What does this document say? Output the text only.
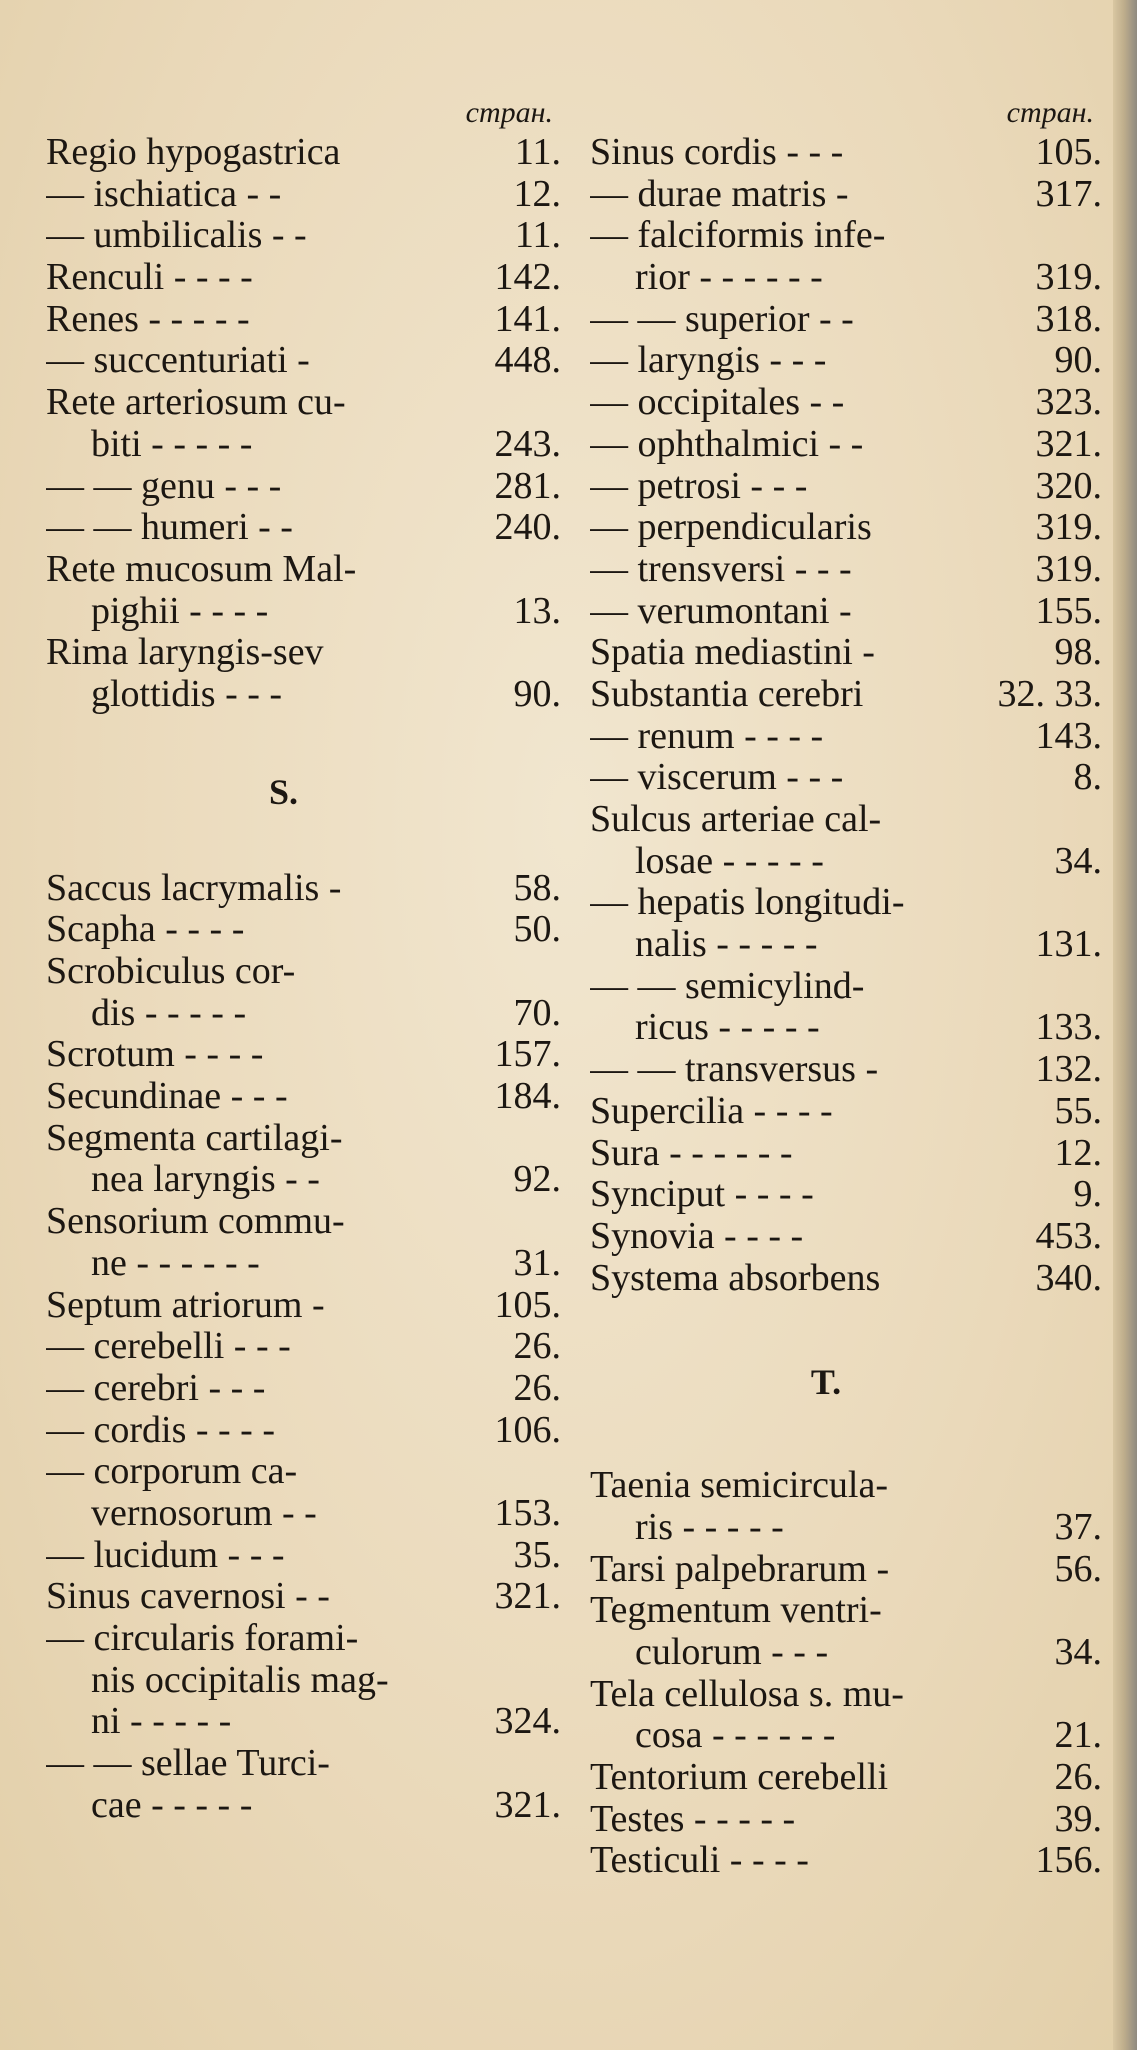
стран.
Regio hypogastrica	11.
— ischiatica - -	12.
— umbilicalis - -	11.
Renculi - - - -	142.
Renes - - - - -	141.
— succenturiati -	448.
Rete arteriosum cu-
biti - - - - -	243.
— — genu - - -	281.
— — humeri - -	240.
Rete mucosum Mal-
pighii - - - -	13.
Rima laryngis-sev
glottidis - - -	90.
S.
Saccus lacrymalis -	58.
Scapha - - - -	50.
Scrobiculus cor-
dis - - - - -	70.
Scrotum - - - -	157.
Secundinae - - -	184.
Segmenta cartilagi-
nea laryngis - -	92.
Sensorium commu-
ne - - - - - -	31.
Septum atriorum -	105.
— cerebelli - - -	26.
— cerebri - - -	26.
— cordis - - - -	106.
— corporum ca-
vernosorum - -	153.
— lucidum - - -	35.
Sinus cavernosi - -	321.
— circularis forami-
nis occipitalis mag-
ni - - - - -	324.
— — sellae Turci-
cae - - - - -	321.
стран.
Sinus cordis - - -	105.
— durae matris -	317.
— falciformis infe-
rior - - - - - -	319.
— — superior - -	318.
— laryngis - - -	90.
— occipitales - -	323.
— ophthalmici - -	321.
— petrosi - - -	320.
— perpendicularis	319.
— trensversi - - -	319.
— verumontani -	155.
Spatia mediastini -	98.
Substantia cerebri	32. 33.
— renum - - - -	143.
— viscerum - - -	8.
Sulcus arteriae cal-
losae - - - - -	34.
— hepatis longitudi-
nalis - - - - -	131.
— — semicylind-
ricus - - - - -	133.
— — transversus -	132.
Supercilia - - - -	55.
Sura - - - - - -	12.
Synciput - - - -	9.
Synovia - - - -	453.
Systema absorbens	340.
T.
Taenia semicircula-
ris - - - - -	37.
Tarsi palpebrarum -	56.
Tegmentum ventri-
culorum - - -	34.
Tela cellulosa s. mu-
cosa - - - - - -	21.
Tentorium cerebelli	26.
Testes - - - - -	39.
Testiculi - - - -	156.
